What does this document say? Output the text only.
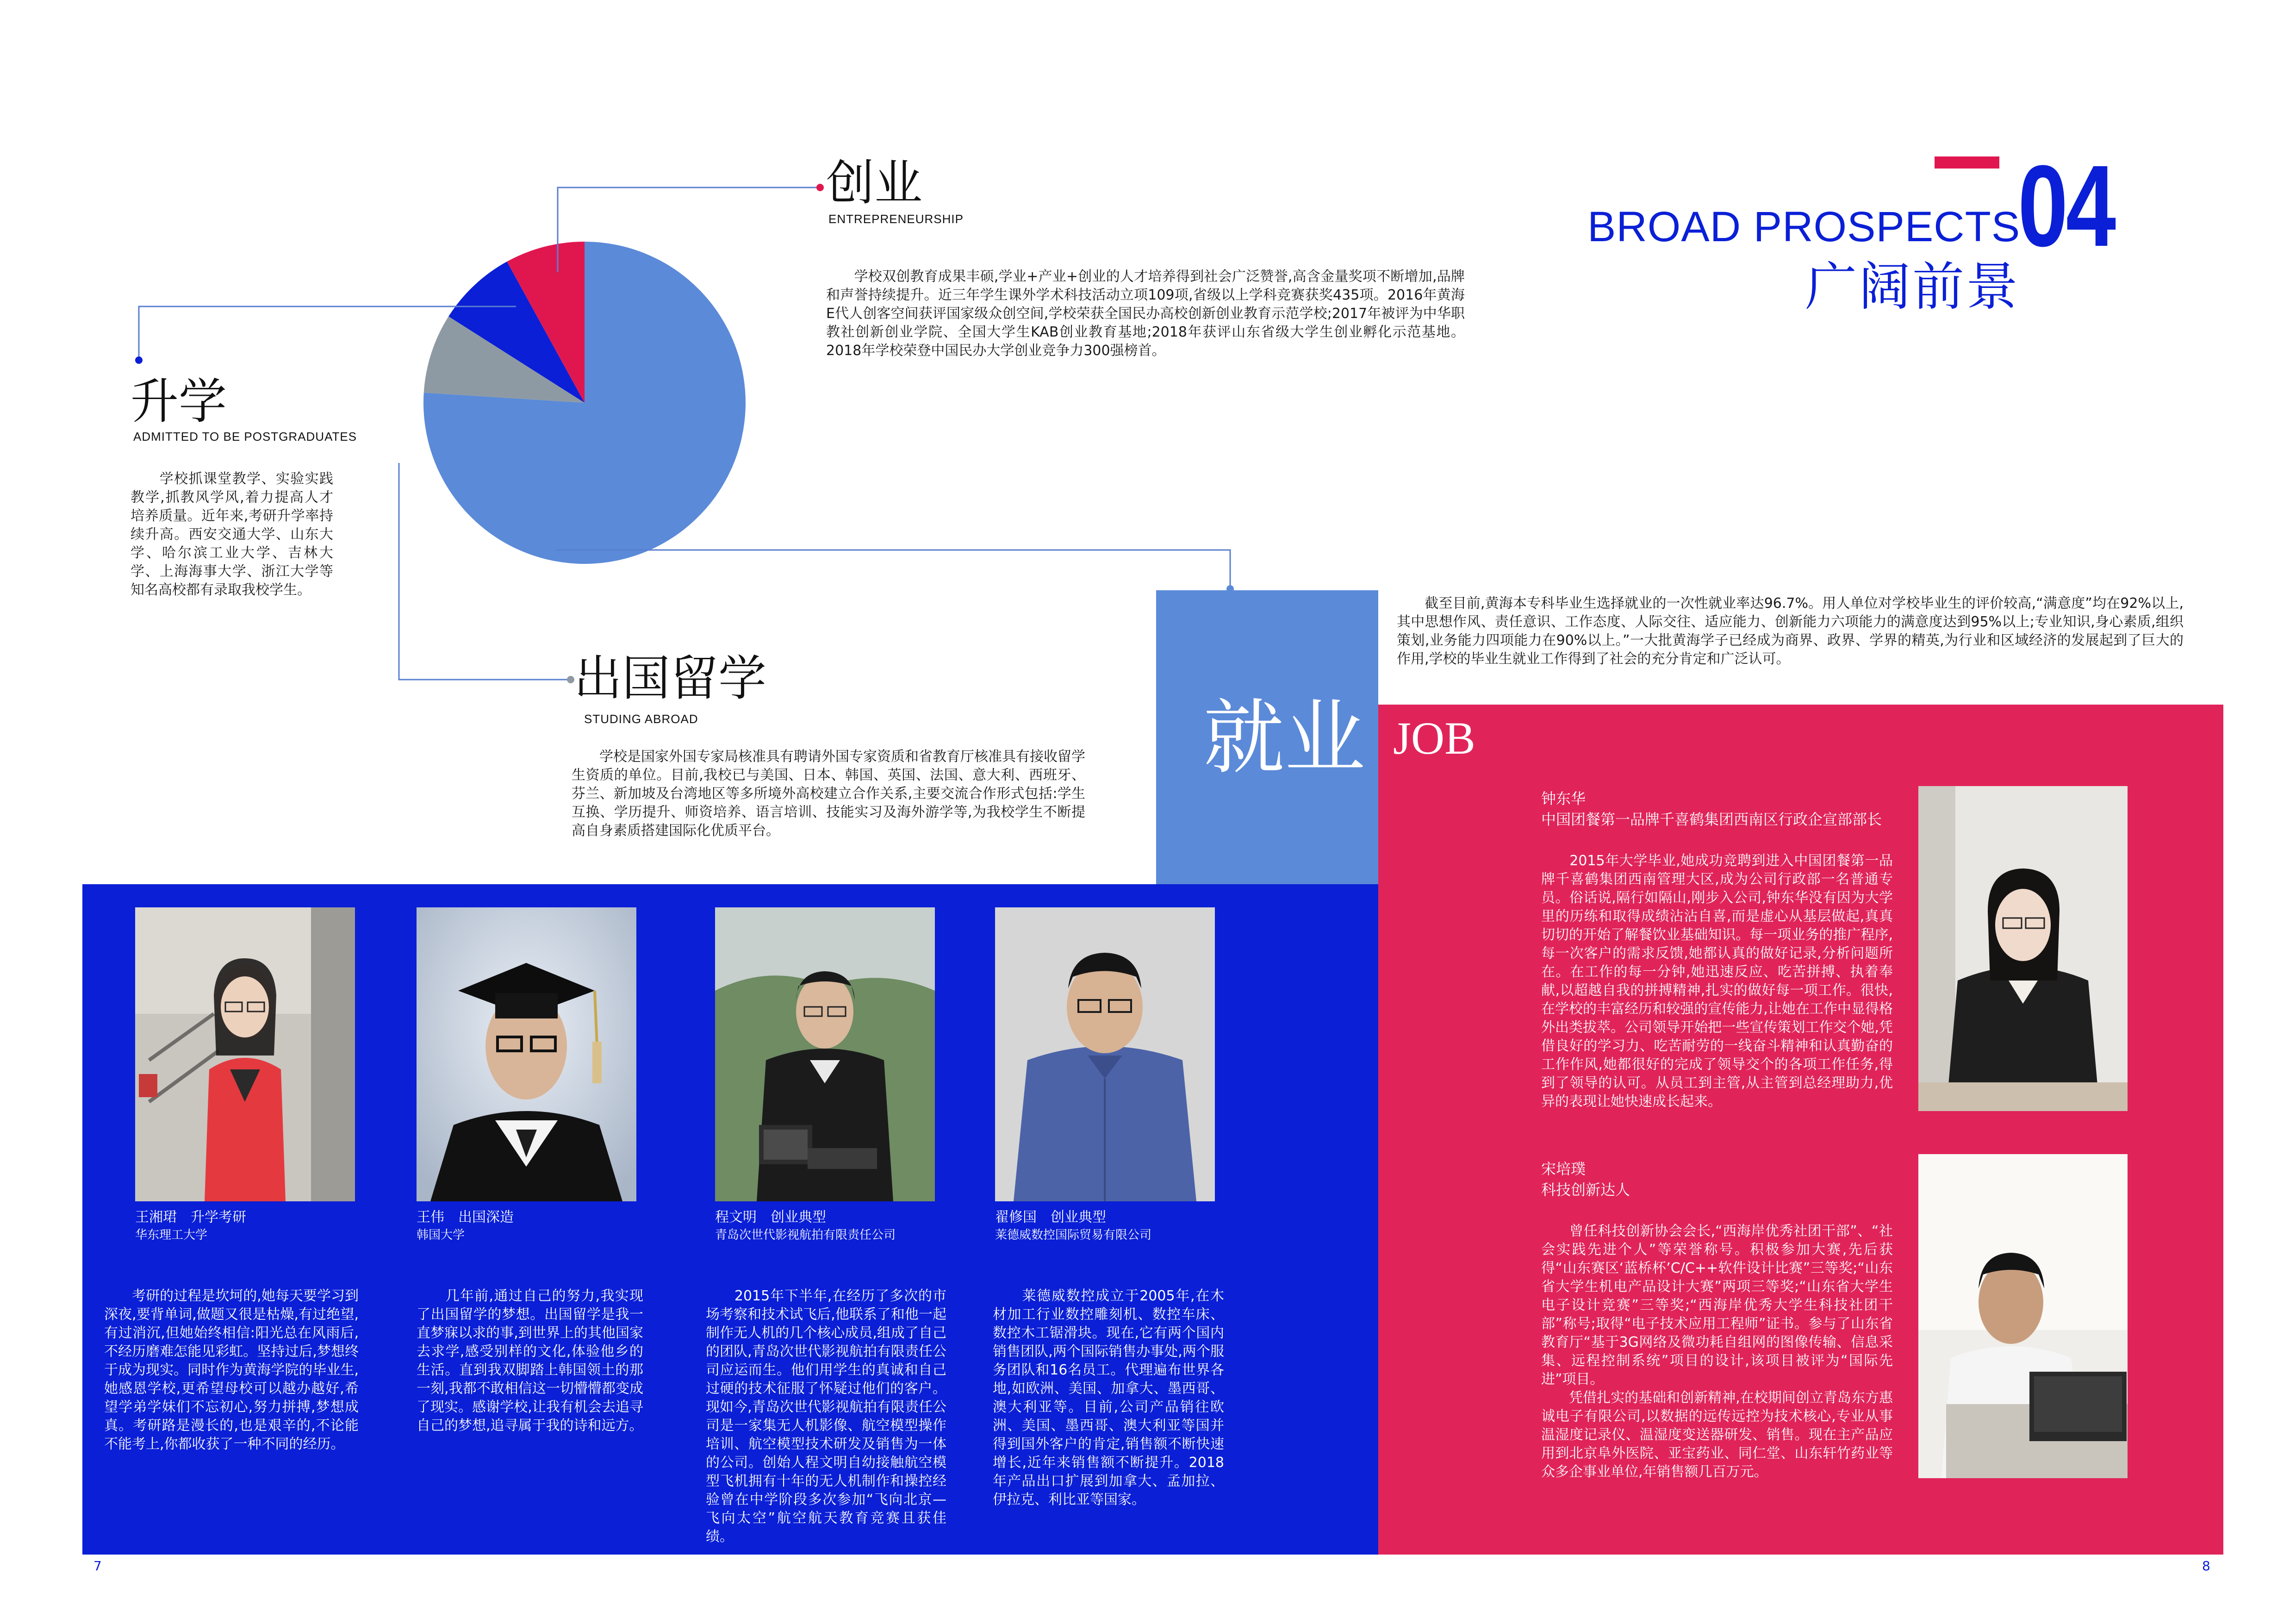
BROAD PROSPECTS
04
广阔前景
创业
ENTREPRENEURSHIP
　　学校双创教育成果丰硕,学业+产业+创业的人才培养得到社会广泛赞誉,高含金量奖项不断增加,品牌和声誉持续提升。近三年学生课外学术科技活动立项109项,省级以上学科竞赛获奖435项。2016年黄海E代人创客空间获评国家级众创空间,学校荣获全国民办高校创新创业教育示范学校;2017年被评为中华职教社创新创业学院、全国大学生KAB创业教育基地;2018年获评山东省级大学生创业孵化示范基地。2018年学校荣登中国民办大学创业竞争力300强榜首。
升学
ADMITTED TO BE POSTGRADUATES
　　学校抓课堂教学、实验实践教学,抓教风学风,着力提高人才培养质量。近年来,考研升学率持续升高。西安交通大学、山东大学、哈尔滨工业大学、吉林大学、上海海事大学、浙江大学等知名高校都有录取我校学生。
出国留学
STUDING ABROAD
　　学校是国家外国专家局核准具有聘请外国专家资质和省教育厅核准具有接收留学生资质的单位。目前,我校已与美国、日本、韩国、英国、法国、意大利、西班牙、芬兰、新加坡及台湾地区等多所境外高校建立合作关系,主要交流合作形式包括:学生互换、学历提升、师资培养、语言培训、技能实习及海外游学等,为我校学生不断提高自身素质搭建国际化优质平台。
就业
　　截至目前,黄海本专科毕业生选择就业的一次性就业率达96.7%。用人单位对学校毕业生的评价较高,“满意度”均在92%以上,其中思想作风、责任意识、工作态度、人际交往、适应能力、创新能力六项能力的满意度达到95%以上;专业知识,身心素质,组织策划,业务能力四项能力在90%以上。”一大批黄海学子已经成为商界、政界、学界的精英,为行业和区域经济的发展起到了巨大的作用,学校的毕业生就业工作得到了社会的充分肯定和广泛认可。
JOB
王湘珺　升学考研
华东理工大学
　　考研的过程是坎坷的,她每天要学习到深夜,要背单词,做题又很是枯燥,有过绝望,有过消沉,但她始终相信:阳光总在风雨后,不经历磨难怎能见彩虹。坚持过后,梦想终于成为现实。同时作为黄海学院的毕业生,她感恩学校,更希望母校可以越办越好,希望学弟学妹们不忘初心,努力拼搏,梦想成真。考研路是漫长的,也是艰辛的,不论能不能考上,你都收获了一种不同的经历。
王伟　出国深造
韩国大学
　　几年前,通过自己的努力,我实现了出国留学的梦想。出国留学是我一直梦寐以求的事,到世界上的其他国家去求学,感受别样的文化,体验他乡的生活。直到我双脚踏上韩国领土的那一刻,我都不敢相信这一切懵懵都变成了现实。感谢学校,让我有机会去追寻自己的梦想,追寻属于我的诗和远方。
程文明　创业典型
青岛次世代影视航拍有限责任公司
　　2015年下半年,在经历了多次的市场考察和技术试飞后,他联系了和他一起制作无人机的几个核心成员,组成了自己的团队,青岛次世代影视航拍有限责任公司应运而生。他们用学生的真诚和自己过硬的技术征服了怀疑过他们的客户。现如今,青岛次世代影视航拍有限责任公司是一家集无人机影像、航空模型操作培训、航空模型技术研发及销售为一体的公司。创始人程文明自幼接触航空模型飞机拥有十年的无人机制作和操控经验曾在中学阶段多次参加“飞向北京—飞向太空”航空航天教育竞赛且获佳绩。
翟修国　创业典型
莱德威数控国际贸易有限公司
　　莱德威数控成立于2005年,在木材加工行业数控雕刻机、数控车床、数控木工锯滑块。现在,它有两个国内销售团队,两个国际销售办事处,两个服务团队和16名员工。代理遍布世界各地,如欧洲、美国、加拿大、墨西哥、澳大利亚等。目前,公司产品销往欧洲、美国、墨西哥、澳大利亚等国并得到国外客户的肯定,销售额不断快速增长,近年来销售额不断提升。2018年产品出口扩展到加拿大、孟加拉、伊拉克、利比亚等国家。
钟东华
中国团餐第一品牌千喜鹤集团西南区行政企宣部部长
　　2015年大学毕业,她成功竞聘到进入中国团餐第一品牌千喜鹤集团西南管理大区,成为公司行政部一名普通专员。俗话说,隔行如隔山,刚步入公司,钟东华没有因为大学里的历练和取得成绩沾沾自喜,而是虚心从基层做起,真真切切的开始了解餐饮业基础知识。每一项业务的推广程序,每一次客户的需求反馈,她都认真的做好记录,分析问题所在。在工作的每一分钟,她迅速反应、吃苦拼搏、执着奉献,以超越自我的拼搏精神,扎实的做好每一项工作。很快,在学校的丰富经历和较强的宣传能力,让她在工作中显得格外出类拔萃。公司领导开始把一些宣传策划工作交个她,凭借良好的学习力、吃苦耐劳的一线奋斗精神和认真勤奋的工作作风,她都很好的完成了领导交个的各项工作任务,得到了领导的认可。从员工到主管,从主管到总经理助力,优异的表现让她快速成长起来。
宋培璞
科技创新达人
　　曾任科技创新协会会长,“西海岸优秀社团干部”、“社会实践先进个人”等荣誉称号。积极参加大赛,先后获得“山东赛区‘蓝桥杯’C/C++软件设计比赛”三等奖;“山东省大学生机电产品设计大赛”两项三等奖;“山东省大学生电子设计竞赛”三等奖;“西海岸优秀大学生科技社团干部”称号;取得“电子技术应用工程师”证书。参与了山东省教育厅“基于3G网络及微功耗自组网的图像传输、信息采集、远程控制系统”项目的设计,该项目被评为“国际先进”项目。
　　凭借扎实的基础和创新精神,在校期间创立青岛东方惠诚电子有限公司,以数据的远传远控为技术核心,专业从事温湿度记录仪、温湿度变送器研发、销售。现在主产品应用到北京阜外医院、亚宝药业、同仁堂、山东轩竹药业等众多企事业单位,年销售额几百万元。
7	8
